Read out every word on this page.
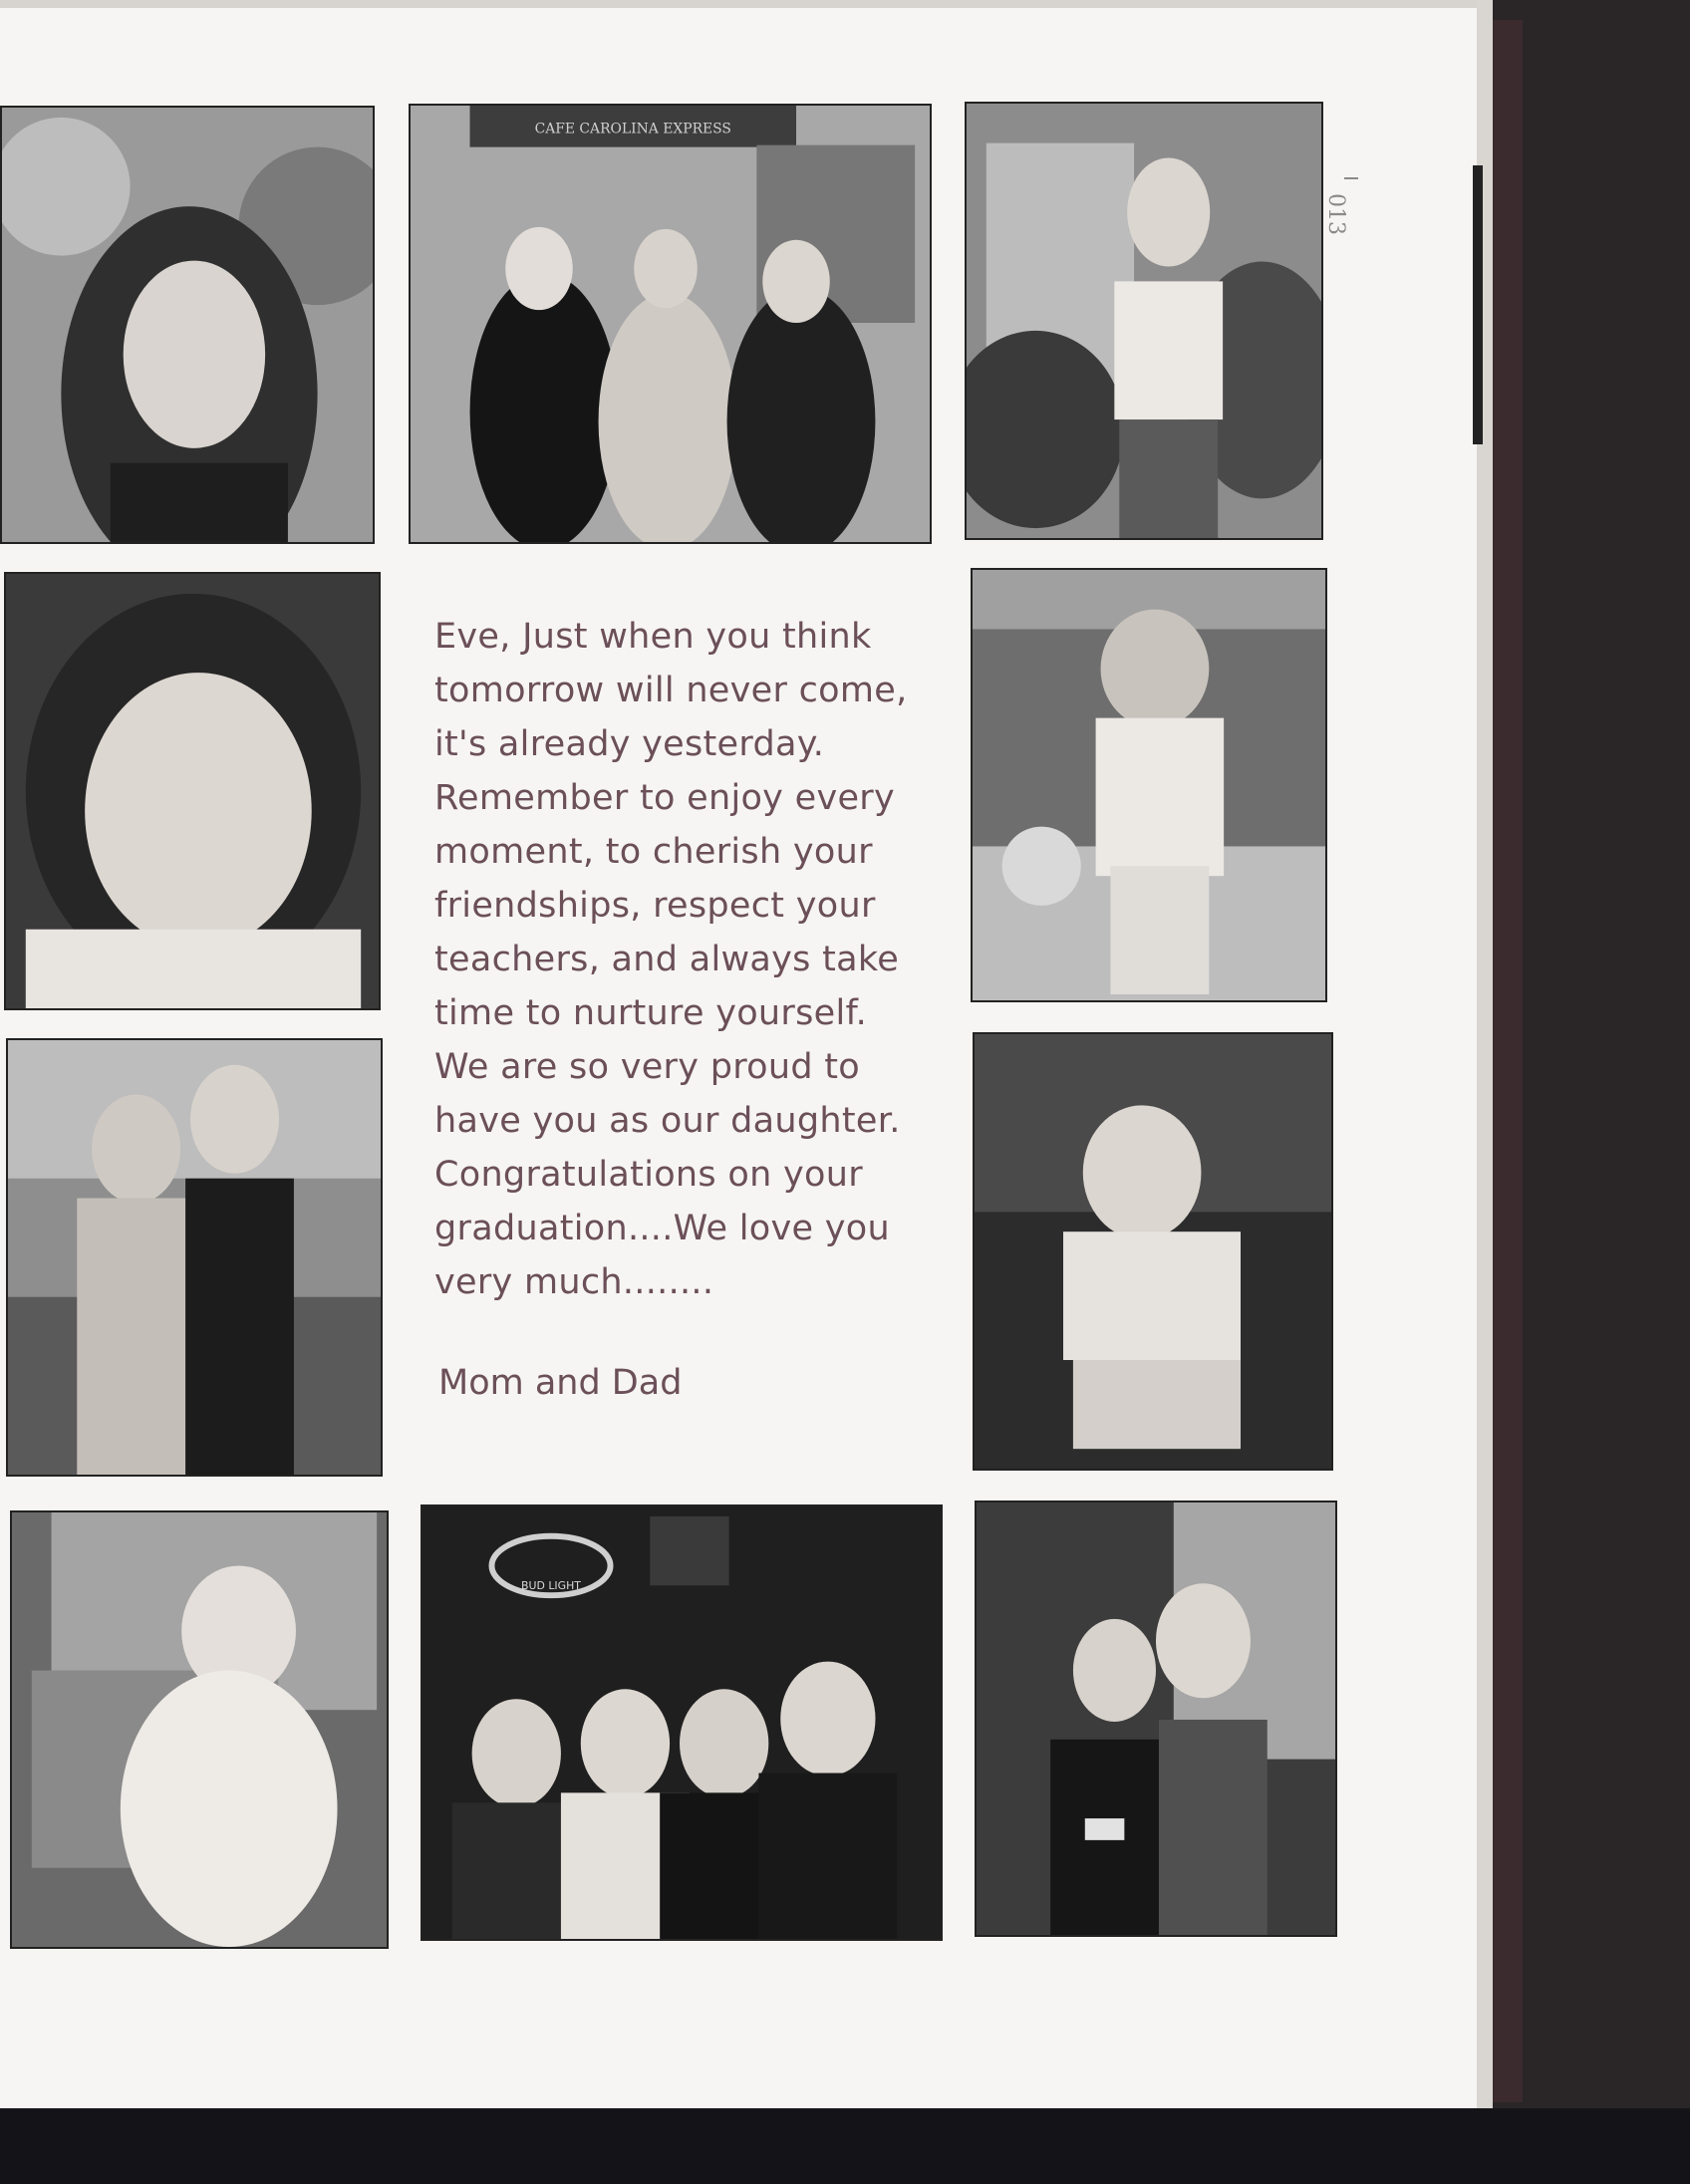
CAFE CAROLINA EXPRESS
BUD LIGHT
Eve, Just when you think
tomorrow will never come,
it's already yesterday.
Remember to enjoy every
moment, to cherish your
friendships, respect your
teachers, and always take
time to nurture yourself.
We are so very proud to
have you as our daughter.
Congratulations on your
graduation....We love you
very much........
Mom and Dad
013
